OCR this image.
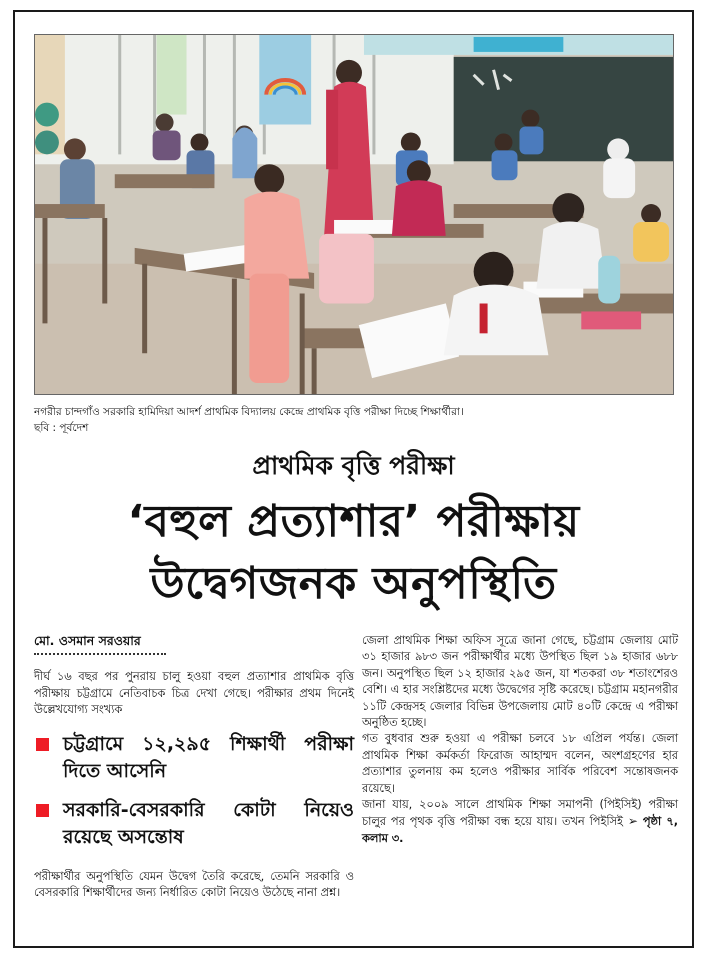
নগরীর চান্দগাঁও সরকারি হামিদিয়া আদর্শ প্রাথমিক বিদ্যালয় কেন্দ্রে প্রাথমিক বৃত্তি পরীক্ষা দিচ্ছে শিক্ষার্থীরা।
ছবি : পূর্বদেশ
প্রাথমিক বৃত্তি পরীক্ষা
‘বহুল প্রত্যাশার’ পরীক্ষায়
উদ্বেগজনক অনুপস্থিতি
মো. ওসমান সরওয়ার

দীর্ঘ ১৬ বছর পর পুনরায় চালু হওয়া বহুল প্রত্যাশার প্রাথমিক বৃত্তি পরীক্ষায় চট্টগ্রামে নেতিবাচক চিত্র দেখা গেছে। পরীক্ষার প্রথম দিনেই উল্লেখযোগ্য সংখ্যক

চট্টগ্রামে ১২,২৯৫ শিক্ষার্থী পরীক্ষা দিতে আসেনি
সরকারি-বেসরকারি কোটা নিয়েও রয়েছে অসন্তোষ

পরীক্ষার্থীর অনুপস্থিতি যেমন উদ্বেগ তৈরি করেছে, তেমনি সরকারি ও বেসরকারি শিক্ষার্থীদের জন্য নির্ধারিত কোটা নিয়েও উঠেছে নানা প্রশ্ন।

জেলা প্রাথমিক শিক্ষা অফিস সূত্রে জানা গেছে, চট্টগ্রাম জেলায় মোট ৩১ হাজার ৯৮৩ জন পরীক্ষার্থীর মধ্যে উপস্থিত ছিল ১৯ হাজার ৬৮৮ জন। অনুপস্থিত ছিল ১২ হাজার ২৯৫ জন, যা শতকরা ৩৮ শতাংশেরও বেশি। এ হার সংশ্লিষ্টদের মধ্যে উদ্বেগের সৃষ্টি করেছে। চট্টগ্রাম মহানগরীর ১১টি কেন্দ্রসহ জেলার বিভিন্ন উপজেলায় মোট ৪০টি কেন্দ্রে এ পরীক্ষা অনুষ্ঠিত হচ্ছে।

গত বুধবার শুরু হওয়া এ পরীক্ষা চলবে ১৮ এপ্রিল পর্যন্ত। জেলা প্রাথমিক শিক্ষা কর্মকর্তা ফিরোজ আহাম্মদ বলেন, অংশগ্রহণের হার প্রত্যাশার তুলনায় কম হলেও পরীক্ষার সার্বিক পরিবেশ সন্তোষজনক রয়েছে।

জানা যায়, ২০০৯ সালে প্রাথমিক শিক্ষা সমাপনী (পিইসিই) পরীক্ষা চালুর পর পৃথক বৃত্তি পরীক্ষা বন্ধ হয়ে যায়। তখন পিইসিই ➢ পৃষ্ঠা ৭, কলাম ৩.
